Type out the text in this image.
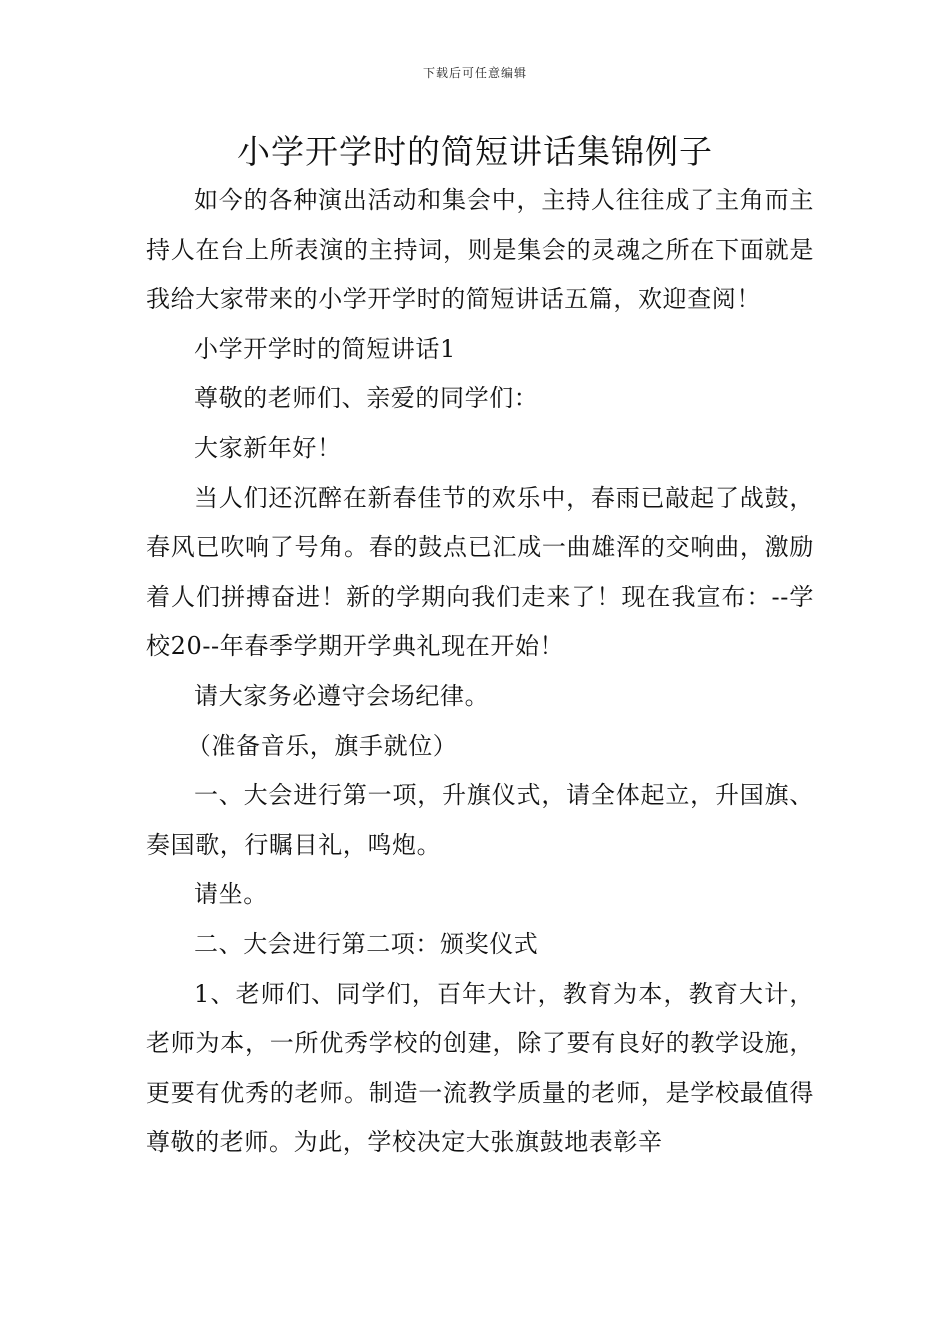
下载后可任意编辑
小学开学时的简短讲话集锦例子

如今的各种演出活动和集会中，主持人往往成了主角而主持人在台上所表演的主持词，则是集会的灵魂之所在下面就是我给大家带来的小学开学时的简短讲话五篇，欢迎查阅！

小学开学时的简短讲话1

尊敬的老师们、亲爱的同学们：

大家新年好！

当人们还沉醉在新春佳节的欢乐中，春雨已敲起了战鼓，春风已吹响了号角。春的鼓点已汇成一曲雄浑的交响曲，激励着人们拼搏奋进！新的学期向我们走来了！现在我宣布：--学校20--年春季学期开学典礼现在开始！

请大家务必遵守会场纪律。

（准备音乐，旗手就位）

一、大会进行第一项，升旗仪式，请全体起立，升国旗、奏国歌，行瞩目礼，鸣炮。

请坐。

二、大会进行第二项：颁奖仪式

1、老师们、同学们，百年大计，教育为本，教育大计，老师为本，一所优秀学校的创建，除了要有良好的教学设施，更要有优秀的老师。制造一流教学质量的老师，是学校最值得尊敬的老师。为此，学校决定大张旗鼓地表彰辛
